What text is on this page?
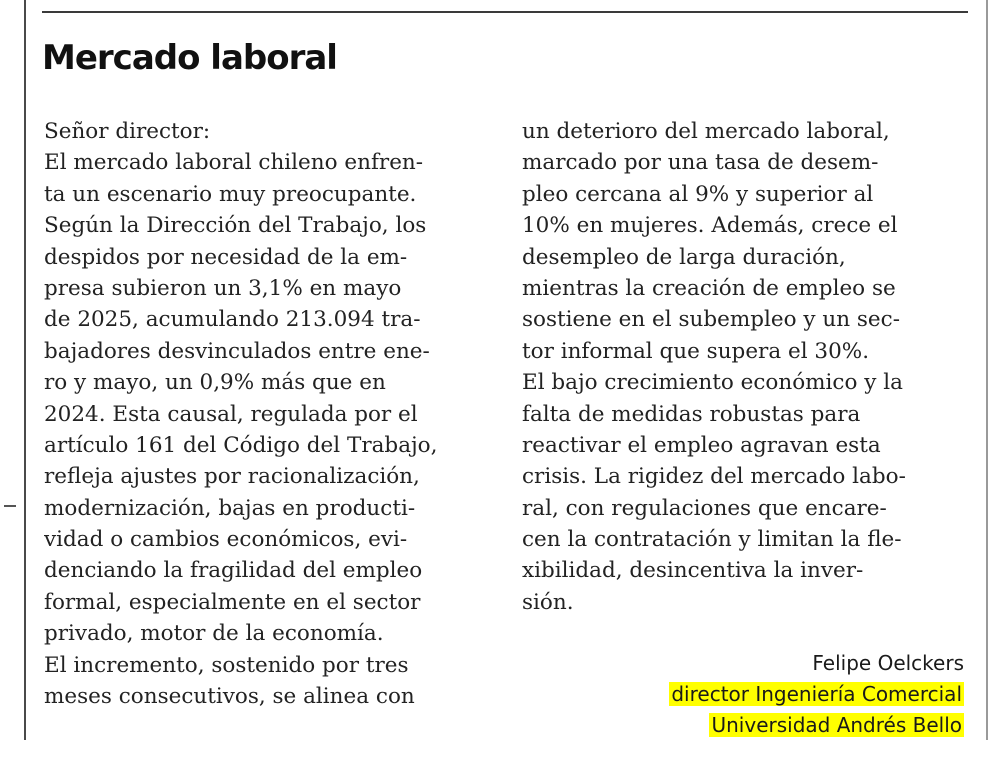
Mercado laboral
Señor director:
El mercado laboral chileno enfren-
ta un escenario muy preocupante.
Según la Dirección del Trabajo, los
despidos por necesidad de la em-
presa subieron un 3,1% en mayo
de 2025, acumulando 213.094 tra-
bajadores desvinculados entre ene-
ro y mayo, un 0,9% más que en
2024. Esta causal, regulada por el
artículo 161 del Código del Trabajo,
refleja ajustes por racionalización,
modernización, bajas en producti-
vidad o cambios económicos, evi-
denciando la fragilidad del empleo
formal, especialmente en el sector
privado, motor de la economía.
El incremento, sostenido por tres
meses consecutivos, se alinea con
un deterioro del mercado laboral,
marcado por una tasa de desem-
pleo cercana al 9% y superior al
10% en mujeres. Además, crece el
desempleo de larga duración,
mientras la creación de empleo se
sostiene en el subempleo y un sec-
tor informal que supera el 30%.
El bajo crecimiento económico y la
falta de medidas robustas para
reactivar el empleo agravan esta
crisis. La rigidez del mercado labo-
ral, con regulaciones que encare-
cen la contratación y limitan la fle-
xibilidad, desincentiva la inver-
sión.
Felipe Oelckers
director Ingeniería Comercial
Universidad Andrés Bello
